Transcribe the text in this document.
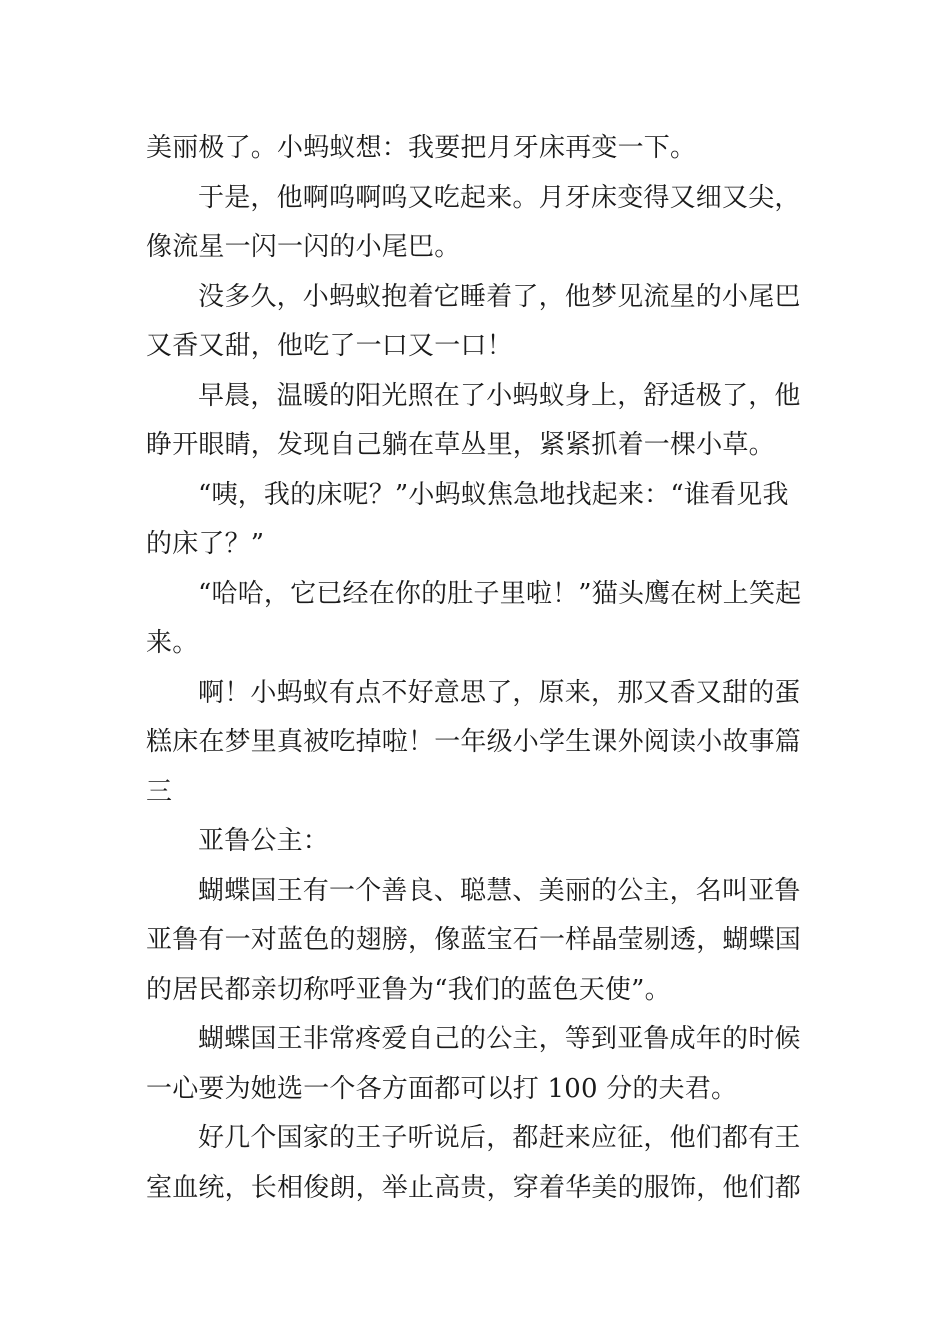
美丽极了。小蚂蚁想：我要把月牙床再变一下。

于是，他啊呜啊呜又吃起来。月牙床变得又细又尖，像流星一闪一闪的小尾巴。

没多久，小蚂蚁抱着它睡着了，他梦见流星的小尾巴又香又甜，他吃了一口又一口！

早晨，温暖的阳光照在了小蚂蚁身上，舒适极了，他睁开眼睛，发现自己躺在草丛里，紧紧抓着一棵小草。

“咦，我的床呢？”小蚂蚁焦急地找起来：“谁看见我的床了？”

“哈哈，它已经在你的肚子里啦！”猫头鹰在树上笑起来。

啊！小蚂蚁有点不好意思了，原来，那又香又甜的蛋糕床在梦里真被吃掉啦！一年级小学生课外阅读小故事篇三

亚鲁公主：

蝴蝶国王有一个善良、聪慧、美丽的公主，名叫亚鲁亚鲁有一对蓝色的翅膀，像蓝宝石一样晶莹剔透，蝴蝶国的居民都亲切称呼亚鲁为“我们的蓝色天使”。

蝴蝶国王非常疼爱自己的公主，等到亚鲁成年的时候一心要为她选一个各方面都可以打 100 分的夫君。

好几个国家的王子听说后，都赶来应征，他们都有王室血统，长相俊朗，举止高贵，穿着华美的服饰，他们都
